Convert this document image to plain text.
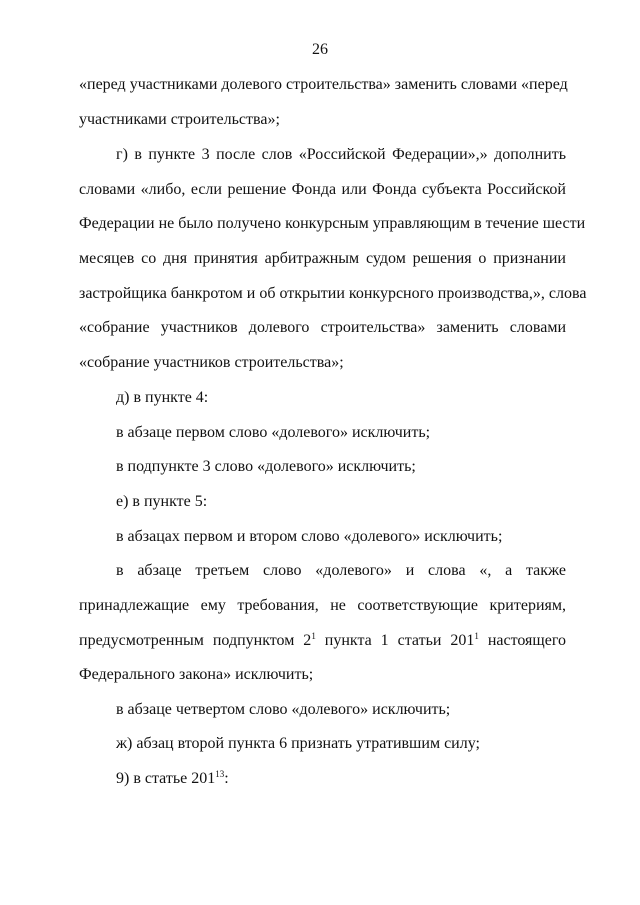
26
«перед участниками долевого строительства» заменить словами «перед
участниками строительства»;
г) в пункте 3 после слов «Российской Федерации»,» дополнить
словами «либо, если решение Фонда или Фонда субъекта Российской
Федерации не было получено конкурсным управляющим в течение шести
месяцев со дня принятия арбитражным судом решения о признании
застройщика банкротом и об открытии конкурсного производства,», слова
«собрание участников долевого строительства» заменить словами
«собрание участников строительства»;
д) в пункте 4:
в абзаце первом слово «долевого» исключить;
в подпункте 3 слово «долевого» исключить;
е) в пункте 5:
в абзацах первом и втором слово «долевого» исключить;
в абзаце третьем слово «долевого» и слова «, а также
принадлежащие ему требования, не соответствующие критериям,
предусмотренным подпунктом $2^1$ пункта 1 статьи $201^1$ настоящего
Федерального закона» исключить;
в абзаце четвертом слово «долевого» исключить;
ж) абзац второй пункта 6 признать утратившим силу;
9) в статье $201^{13}$:
